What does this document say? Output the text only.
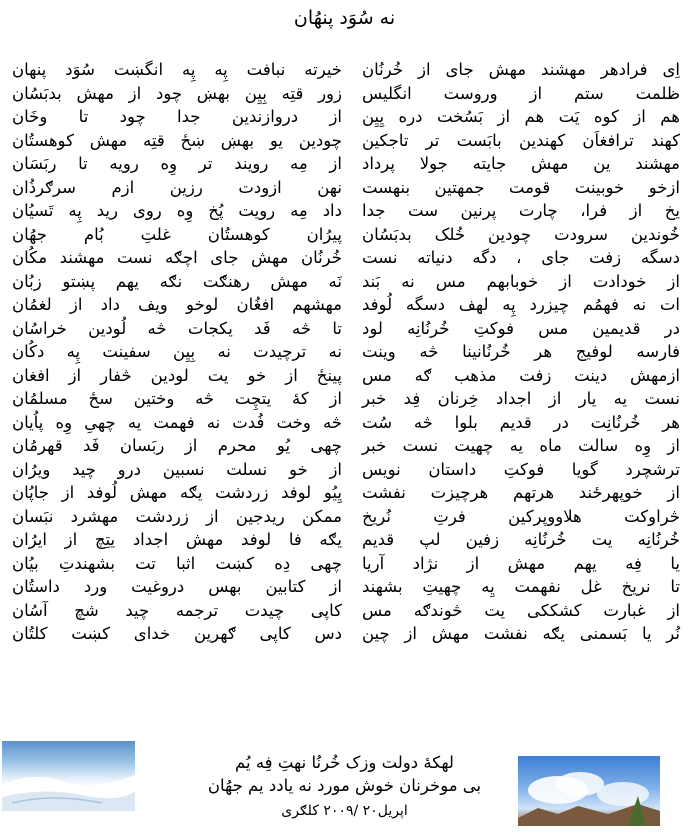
نه سُوَد پنهُان
اِی فرادهر مهشند مهش جای از خُرنُان
ظلمت ستم از وروست انگلیس
هم از کوه یَت هم از بَسُخت دره یِیِن
کهند ترافغاَن کهندین بابَست تر تاجکین
مهشند ین مهش جایته جولا پرداد
ازخو خوبینت قومت جمهتین بنهست
یخ از فرا، چارت پرنین ست جدا
خُوندین سرودت چودین خُلک بدبَسُان
دسگه زفت جای ، دگه دنیاته نست
از خودادت از خوبابهم مس نه بَند
ات نه فهمُم چیزرد پِه لهف دسگه لُوفد
در قدیمین مس فوکتِ خُرنُانِه لود
فارسه لوفیج هر خُرنُانینا څه وینت
ازمهش دینت زفت مذهب ګه مس
نست یه یار از اجداد خِرنان فِد خبر
هر خُرنُانِت در قدیم بلوا څه سُت
از وِه سالت ماه یه چهیت نست خبر
ترشچرد گویا فوکتِ داستان نویس
از خوپهرځند هرتهم هرچیزت نفشت
څراوکت هلاووپرکین فرتِ نُریخ
خُرنُانِه یت خُرنُانِه زفین لپ قدیم
یا فِه یهم مهش از نژاد آریا
تا نریخ غل نفهمت یِه چهیتِ بشهند
از غبارت کشککی یت څوندګه مس
نُر یا بَسمنی یګه نفشت مهش از چین
خیرته نبافت پِه پِه انگښت سُوَد پنهان
زور قتِه بِیِن بهښ چود از مهش بدبَسُان
از دروازندین جدا چود تا وخَان
چودین یو بهښ ښځ قتِه مهش کوهستُان
از مِه رویند تر وِه رویه تا ربَسَان
نهن ازودت رزین ازم سرګرذُان
داد مِه رویت پُخ وِه روی رید پِه تَسیُان
پیرُان کوهستُان غلتِ بُام جهُان
خُرنُان مهش جای اچګه نست مهشند مکُان
نَه مهش رهنګت نګه یهم پښتو زبُان
مهشهم افغُان لوخو ویف داد از لغمُان
تا څه فَد یکجات څه لُودین خراسُان
نه ترچیدت نه بِیِن سفینت پِه دکُان
پینځ از خو یت لودین څفار از افغان
از کهٔ یتچِت څه وختین سځ مسلمُان
څه وخت فُدت نه فهمت یه چهیِ وِه پاُیان
چهی یُو محرم از ربَسان فَد قهرمُان
از خو نسلت نسبین درو چید ویرُان
یِیُو لوفد زردشت یګه مهش لُوفد از جاپُان
ممکن ریدجین از زردشت مهشرد نبَسان
یګه فا لوفد مهش اجداد یتِچ از ایرُان
چهی دِه کښت اثبا تت بشهندتِ بیُان
از کتابین بهس دروغیت ورد داستُان
کاپی چیدت ترجمه چید شچ آسُان
دس کاپی ګهرین خدای کښت کلتُان
لهکهٔ دولت وزک خُرنُا نهتِ فِه یُم
بی موخرنان خوش مورد نه یادد یم جهُان
اپریل۲۰ /۲۰۰۹ کلګری
